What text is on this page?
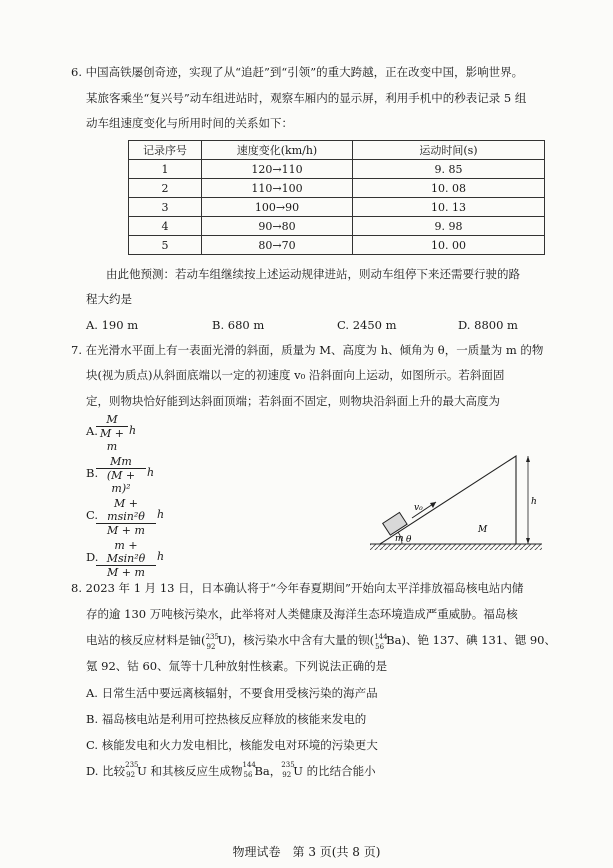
6. 中国高铁屡创奇迹，实现了从“追赶”到“引领”的重大跨越，正在改变中国，影响世界。
某旅客乘坐“复兴号”动车组进站时，观察车厢内的显示屏，利用手机中的秒表记录 5 组
动车组速度变化与所用时间的关系如下：
记录序号	速度变化(km/h)	运动时间(s)
1	120→110	9. 85
2	110→100	10. 08
3	100→90	10. 13
4	90→80	9. 98
5	80→70	10. 00
由此他预测：若动车组继续按上述运动规律进站，则动车组停下来还需要行驶的路
程大约是
A. 190 m	B. 680 m	C. 2450 m	D. 8800 m
7. 在光滑水平面上有一表面光滑的斜面，质量为 M、高度为 h、倾角为 θ，一质量为 m 的物
块(视为质点)从斜面底端以一定的初速度 v₀ 沿斜面向上运动，如图所示。若斜面固
定，则物块恰好能到达斜面顶端；若斜面不固定，则物块沿斜面上升的最大高度为
A.
M
M + m
h
B.
Mm
(M + m)²
h
C.
M + msin²θ
M + m
h
D.
m + Msin²θ
M + m
h
v₀
m
M
h
θ
8. 2023 年 1 月 13 日，日本确认将于“今年春夏期间”开始向太平洋排放福岛核电站内储
存的逾 130 万吨核污染水，此举将对人类健康及海洋生态环境造成严重威胁。福岛核
电站的核反应材料是铀( 235
92 U)，核污染水中含有大量的钡( 144
56 Ba)、铯 137、碘 131、锶 90、
氪 92、钴 60、氚等十几种放射性核素。下列说法正确的是
A. 日常生活中要远离核辐射，不要食用受核污染的海产品
B. 福岛核电站是利用可控热核反应释放的核能来发电的
C. 核能发电和火力发电相比，核能发电对环境的污染更大
D. 比较 235
92 U 和其核反应生成物 144
56 Ba， 235
92 U 的比结合能小
物理试卷　第 3 页(共 8 页)
